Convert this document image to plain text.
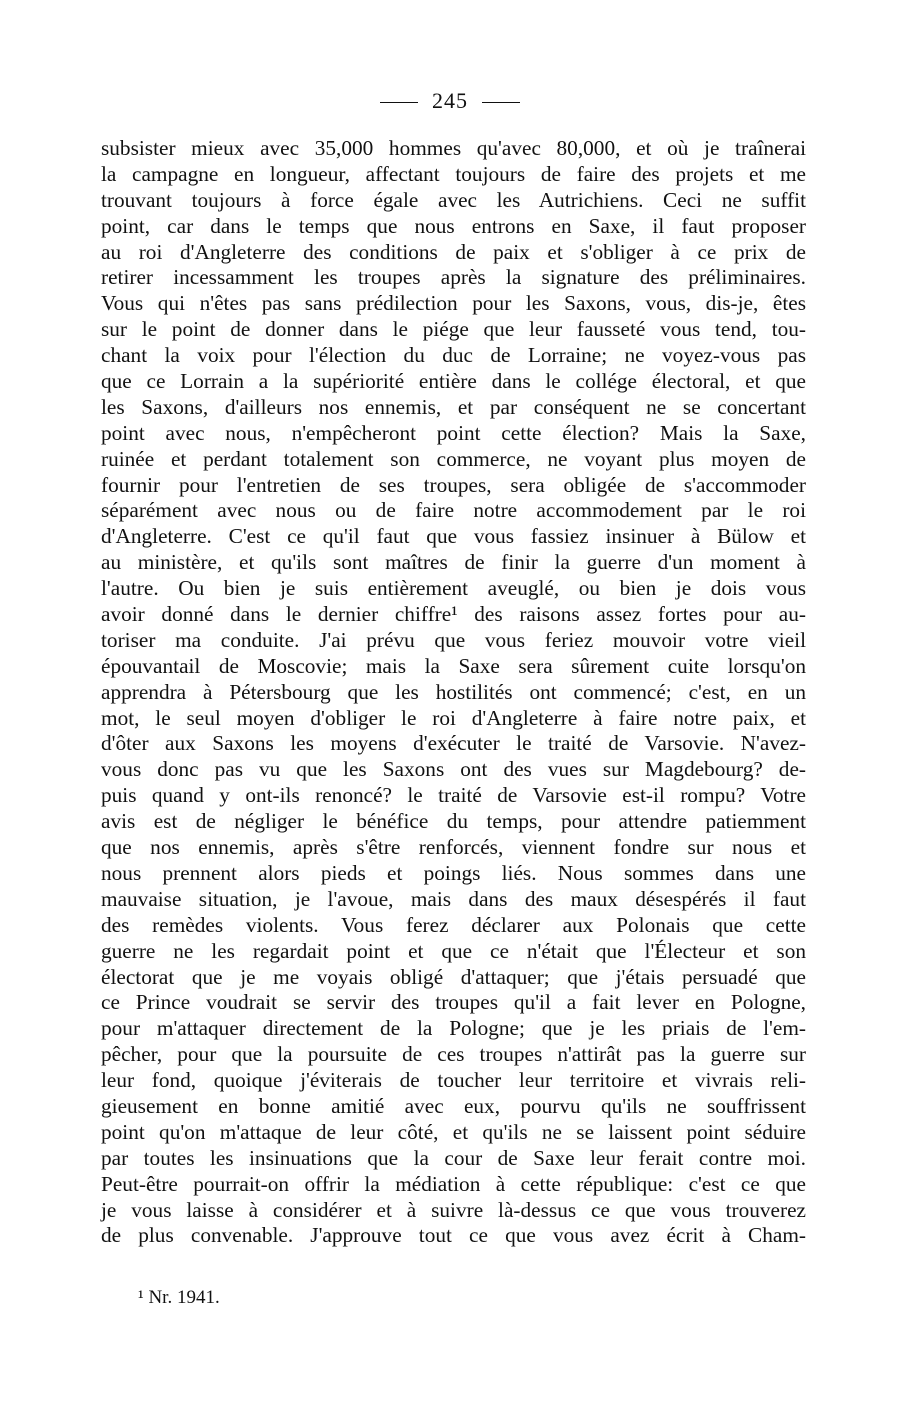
245
subsister mieux avec 35,000 hommes qu'avec 80,000, et où je traînerai
la campagne en longueur, affectant toujours de faire des projets et me
trouvant toujours à force égale avec les Autrichiens. Ceci ne suffit
point, car dans le temps que nous entrons en Saxe, il faut proposer
au roi d'Angleterre des conditions de paix et s'obliger à ce prix de
retirer incessamment les troupes après la signature des préliminaires.
Vous qui n'êtes pas sans prédilection pour les Saxons, vous, dis-je, êtes
sur le point de donner dans le piége que leur fausseté vous tend, tou-
chant la voix pour l'élection du duc de Lorraine; ne voyez-vous pas
que ce Lorrain a la supériorité entière dans le collége électoral, et que
les Saxons, d'ailleurs nos ennemis, et par conséquent ne se concertant
point avec nous, n'empêcheront point cette élection? Mais la Saxe,
ruinée et perdant totalement son commerce, ne voyant plus moyen de
fournir pour l'entretien de ses troupes, sera obligée de s'accommoder
séparément avec nous ou de faire notre accommodement par le roi
d'Angleterre. C'est ce qu'il faut que vous fassiez insinuer à Bülow et
au ministère, et qu'ils sont maîtres de finir la guerre d'un moment à
l'autre. Ou bien je suis entièrement aveuglé, ou bien je dois vous
avoir donné dans le dernier chiffre¹ des raisons assez fortes pour au-
toriser ma conduite. J'ai prévu que vous feriez mouvoir votre vieil
épouvantail de Moscovie; mais la Saxe sera sûrement cuite lorsqu'on
apprendra à Pétersbourg que les hostilités ont commencé; c'est, en un
mot, le seul moyen d'obliger le roi d'Angleterre à faire notre paix, et
d'ôter aux Saxons les moyens d'exécuter le traité de Varsovie. N'avez-
vous donc pas vu que les Saxons ont des vues sur Magdebourg? de-
puis quand y ont-ils renoncé? le traité de Varsovie est-il rompu? Votre
avis est de négliger le bénéfice du temps, pour attendre patiemment
que nos ennemis, après s'être renforcés, viennent fondre sur nous et
nous prennent alors pieds et poings liés. Nous sommes dans une
mauvaise situation, je l'avoue, mais dans des maux désespérés il faut
des remèdes violents. Vous ferez déclarer aux Polonais que cette
guerre ne les regardait point et que ce n'était que l'Électeur et son
électorat que je me voyais obligé d'attaquer; que j'étais persuadé que
ce Prince voudrait se servir des troupes qu'il a fait lever en Pologne,
pour m'attaquer directement de la Pologne; que je les priais de l'em-
pêcher, pour que la poursuite de ces troupes n'attirât pas la guerre sur
leur fond, quoique j'éviterais de toucher leur territoire et vivrais reli-
gieusement en bonne amitié avec eux, pourvu qu'ils ne souffrissent
point qu'on m'attaque de leur côté, et qu'ils ne se laissent point séduire
par toutes les insinuations que la cour de Saxe leur ferait contre moi.
Peut-être pourrait-on offrir la médiation à cette république: c'est ce que
je vous laisse à considérer et à suivre là-dessus ce que vous trouverez
de plus convenable. J'approuve tout ce que vous avez écrit à Cham-
¹ Nr. 1941.
